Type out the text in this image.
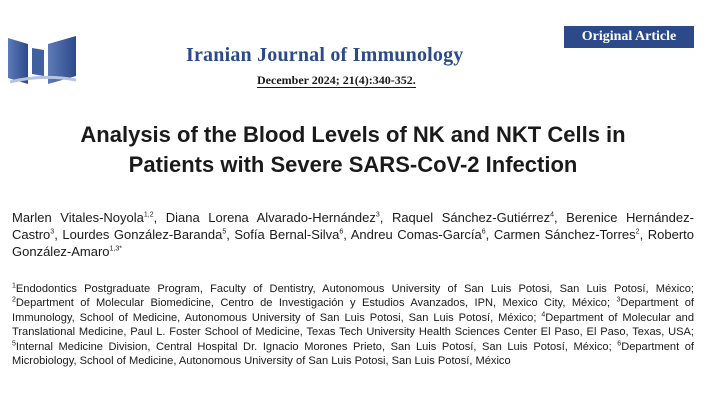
Iranian Journal of Immunology
December 2024; 21(4):340-352.
Original Article
Analysis of the Blood Levels of NK and NKT Cells in
Patients with Severe SARS-CoV-2 Infection
Marlen Vitales-Noyola$^{1,2}$, Diana Lorena Alvarado-Hernández$^3$, Raquel Sánchez-Gutiérrez$^4$, Berenice Hernández-Castro$^3$, Lourdes González-Baranda$^5$, Sofía Bernal-Silva$^6$, Andreu Comas-García$^6$, Carmen Sánchez-Torres$^2$, Roberto González-Amaro$^{1,3*}$
$^1$Endodontics Postgraduate Program, Faculty of Dentistry, Autonomous University of San Luis Potosi, San Luis Potosí, México; $^2$Department of Molecular Biomedicine, Centro de Investigación y Estudios Avanzados, IPN, Mexico City, México; $^3$Department of Immunology, School of Medicine, Autonomous University of San Luis Potosi, San Luis Potosí, México; $^4$Department of Molecular and Translational Medicine, Paul L. Foster School of Medicine, Texas Tech University Health Sciences Center El Paso, El Paso, Texas, USA; $^5$Internal Medicine Division, Central Hospital Dr. Ignacio Morones Prieto, San Luis Potosí, San Luis Potosí, México; $^6$Department of Microbiology, School of Medicine, Autonomous University of San Luis Potosi, San Luis Potosí, México
